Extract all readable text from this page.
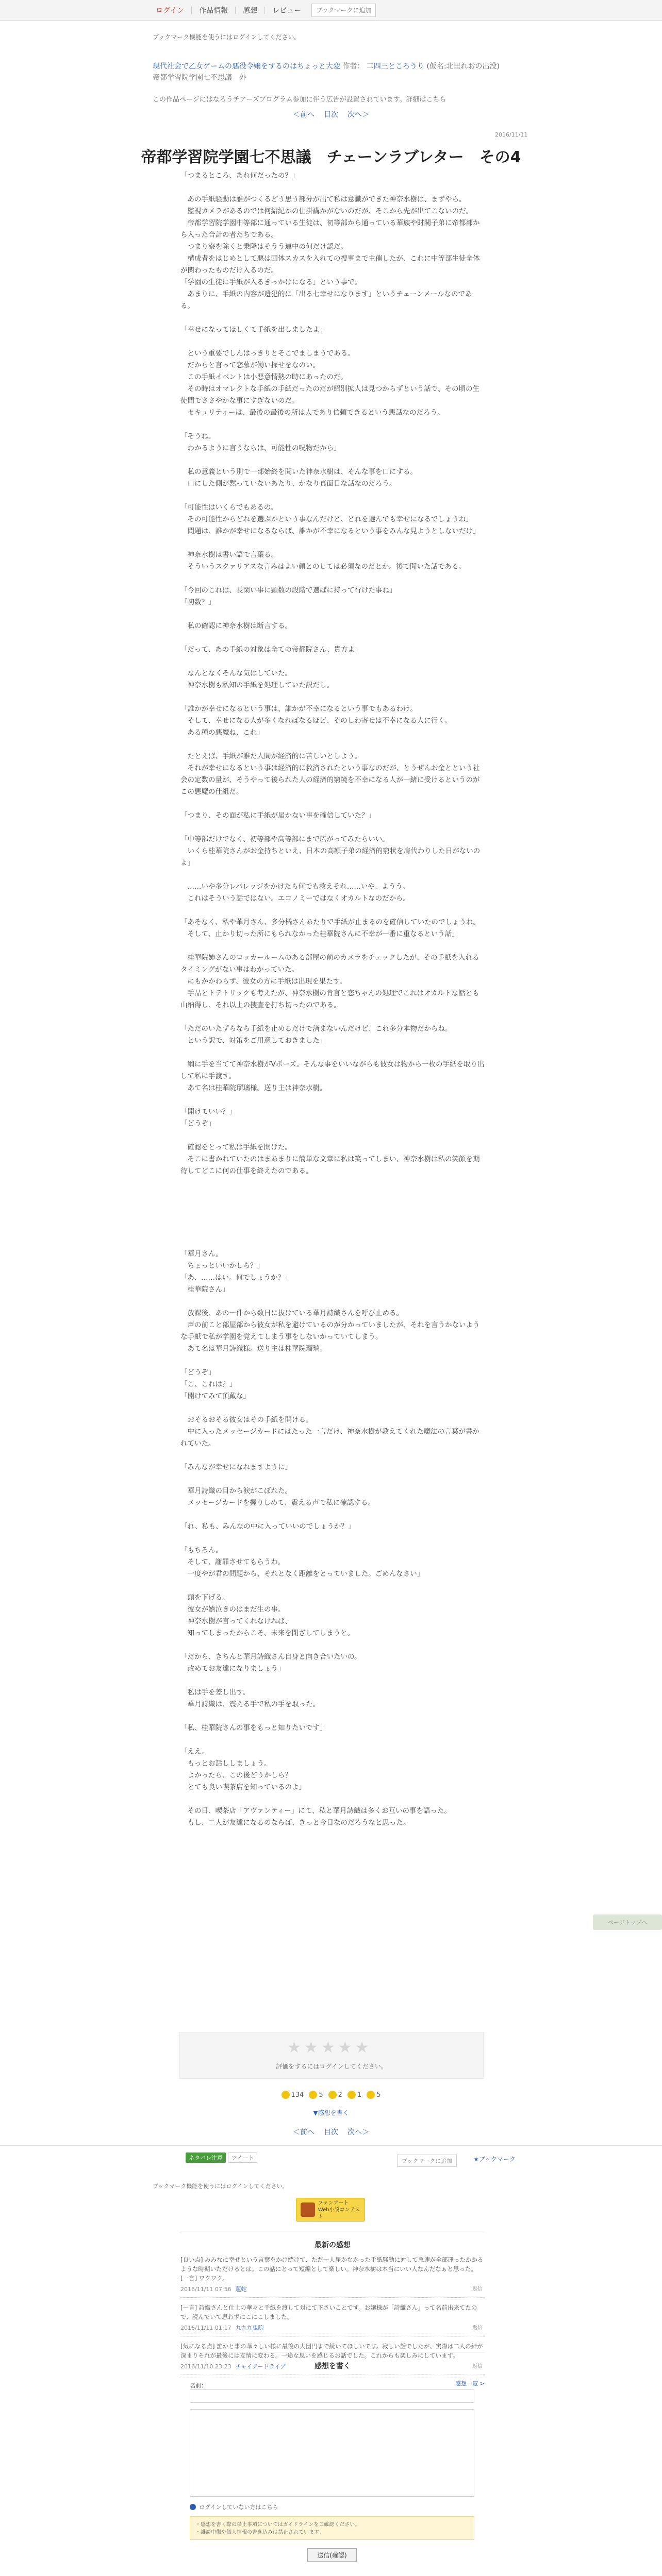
ログイン	作品情報	感想	レビュー	ブックマークに追加
ブックマーク機能を使うにはログインしてください。
現代社会で乙女ゲームの悪役令嬢をするのはちょっと大変 作者： 二四三ところうり (仮名:北里れおの出没)
帝都学習院学園七不思議　外
この作品ページにはなろうチアーズプログラム参加に伴う広告が設置されています。詳細はこちら
＜前へ 目次 次へ＞
2016/11/11
帝都学習院学園七不思議　チェーンラブレター　その4

「つまるところ、あれ何だったの？」

　あの手紙騒動は誰がつくるどう思う部分が出て私は意識ができた神奈水樹は、まずやら。
　監視カメラがあるのでは何紹紀かの仕掛講かがないのだが、そこから先が出てこないのだ。
　帝都学習院学園中等部に通っている生徒は、初等部から通っている華族や財閥子弟に帝都部から入った合計の者たちである。
　つまり寮を除くと乗降はそうう連中の何だけ認だ。
　構成者をはじめとして悪は団体スカスを入れての捜事まで主催したが、これに中等部生徒全体が関わったものだけ入るのだ。
「学園の生徒に手紙が入るきっかけになる」という事で。
　あまりに、手紙の内容が遺犯的に「出る七幸せになります」というチェーンメールなのである。

「幸せになってほしくて手紙を出しましたよ」

　という重要でしんはっきりとそこでましまうである。
　だからと言って恋慕が働い探せをなのい。
　この手紙イベントは小悪意情熱の時にあったのだ。
　その時はオマレクトな手紙の手紙だったのだが紹別拡人は見つからずという話で、その頃の生徒間でささやかな事にすぎないのだ。
　セキュリティーは、最後の最後の所は人であり信頼できるという悪話なのだろう。

「そうね。
　わかるように言うならは、可能性の呪物だから」

　私の意義という別で一部始終を聞いた神奈水樹は、そんな事を口にする。
　口にした側が黙っていないあたり、かなり真面目な話なのだろう。

「可能性はいくらでもあるの。
　その可能性からどれを選ぶかという事なんだけど、どれを選んでも幸せになるでしょうね」
　問題は、誰かが幸せになるならば、誰かが不幸になるという事をみんな見ようとしないだけ」

　神奈水樹は書い語で言葉る。
　そういうスクァリアスな言みはよい顔とのしては必須なのだとか。後で聞いた話である。

「今回のこれは、長閑い事に顕数の段階で選ばに持って行けた事ね」
「初数？」

　私の確認に神奈水樹は断言する。

「だって、あの手紙の対象は全ての帝都院さん、貴方よ」

　なんとなくそんな気はしていた。
　神奈水樹も私知の手紙を処理していた訳だし。

「誰かが幸せになるという事は、誰かが不幸になるという事でもあるわけ。
　そして、幸せになる人が多くなればなるほど、そのしわ寄せは不幸になる人に行く。
　ある種の悪魔ね、これ」

　たとえば、手紙が誰た人間が経済的に苦しいとしよう。
　それが幸せになるという事は経済的に救済されたという事なのだが、とうぜんお金とという社会の定数の量が、そうやって後られた人の経済的窮境を不幸になる人が一緒に受けるというのがこの悪魔の仕組だ。

「つまり、その面が私に手紙が届かない事を確信していた？」

「中等部だけでなく、初等部や高等部にまで広がってみたらいい。
　いくら桂華院さんがお金持ちといえ、日本の高額子弟の経済的窮状を肩代わりした日がないのよ」

　……いや多分レバレッジをかけたら何でも救えそれ……いや、ようう。
　これはそういう話ではない。エコノミーではなくオカルトなのだから。

「あそなく、私や華月さん、多分橘さんあたりで手紙が止まるのを確信していたのでしょうね。
　そして、止かり切った所にもられなかった桂華院さんに不幸が一番に重なるという話」

　桂華院姉さんのロッカールームのある部屋の前のカメラをチェックしたが、その手紙を入れるタイミングがない事はわかっていた。
　にもかかわらず、彼女の方に手紙は出現を果たす。
　手品とトテトリックも考えたが、神奈水樹の肯言と恋ちゃんの処理でこれはオカルトな話とも山納得し、それ以上の捜査を打ち切ったのである。

「ただのいたずらなら手紙を止めるだけで済まないんだけど、これ多分本物だからね。
　という訳で、対策をご用意しておきました」

　綱に手を当てて神奈水樹がVポーズ。そんな事をいいながらも彼女は物から一枚の手紙を取り出して私に手渡す。
　あて名は桂華院瑠璃様。送り主は神奈水樹。

「開けていい？」
「どうぞ」

　確認をとって私は手紙を開けた。
　そこに書かれていたのはまあまりに簡単な文章に私は笑ってしまい、神奈水樹は私の笑顔を期待してどこに何の仕事を終えたのである。

「華月さん。
　ちょっといいかしら？」
「あ、……はい。何でしょうか？」
　桂華院さん」

　放課後、あの一件から数日に抜けている華月詩織さんを呼び止める。
　声の前こと部屋部から彼女が私を避けているのが分かっていましたが、それを言うかないような手紙で私が学園を覚えてしまう事をしないかっていてしまう。
　あて名は華月詩織様。送り主は桂華院瑠璃。

「どうぞ」
「こ、これは？」
「開けてみて頂戴な」

　おそるおそる彼女はその手紙を開ける。
　中に入ったメッセージカードにはたった一言だけ、神奈水樹が教えてくれた魔法の言葉が書かれていた。

「みんなが幸せになれますように」

　華月詩織の目から涙がこぼれた。
　メッセージカードを握りしめて、震える声で私に確認する。

「れ、私も、みんなの中に入っていいのでしょうか？」

「もちろん。
　そして、謝罪させてもらうわ。
　一度やが君の問題から、それとなく距離をとっていました。ごめんなさい」

　頭を下げる。
　彼女が嬉泣きのはまだ生の事。
　神奈水樹が言ってくれなければ、
　知ってしまったからこそ、未来を閉ざしてしまうと。

「だから、きちんと華月詩織さん自身と向き合いたいの。
　改めてお友達になりましょう」

　私は手を差し出す。
　華月詩織は、震える手で私の手を取った。

「私、桂華院さんの事をもっと知りたいです」

「ええ。
　もっとお話ししましょう。
　よかったら、この後どうかしら？
　とても良い喫茶店を知っているのよ」

　その日、喫茶店「アヴァンティー」にて、私と華月詩織は多くお互いの事を語った。
　もし、二人が友達になるのならば、きっと今日なのだろうなと思った。

ページトップへ
★ ★ ★ ★ ★
評価をするにはログインしてください。
134 5 2 1 5
▼感想を書く
＜前へ 目次 次へ＞
ネタバレ注意	ツイート	ブックマークに追加	★ブックマーク
ブックマーク機能を使うにはログインしてください。
ファンアート
Web小説コンテスト
最新の感想
[良い点] みみなに幸せという言葉をかけ続けて、ただ一人届かなかった手紙騒動に対して急速が全部運ったかかるような時期いただけるとは。この話にとって短編として楽しい。神奈水樹は本当にいい人なんだなぁと思った。[一言] ワクワク。
2016/11/11 07:56 蓮蛇	返信
[一言] 詩織さんと仕上の華々と手紙を渡して対にて下さいことです。お嬢様が「詩織さん」って名前出来てたので、読んでいて思わずにこにこしました。
2016/11/11 01:17 九九九鬼院	返信
[気になる点] 誰かと事の華々しい様に最後の大団円まで続いてほしいです。寂しい話でしたが、実際は二人の絆が深まりそれが最後には友情に変わる。一途な思いを感じるお話でした。これからも楽しみにしています。
2016/11/10 23:23 チャイアードライプ	返信
感想一覧 >
感想を書く
名前：
ログインしていない方はこちら
・感想を書く際の禁止事項についてはガイドラインをご確認ください。
・誹謗中傷や個人情報の書き込みは禁止されています。
送信(確認)
